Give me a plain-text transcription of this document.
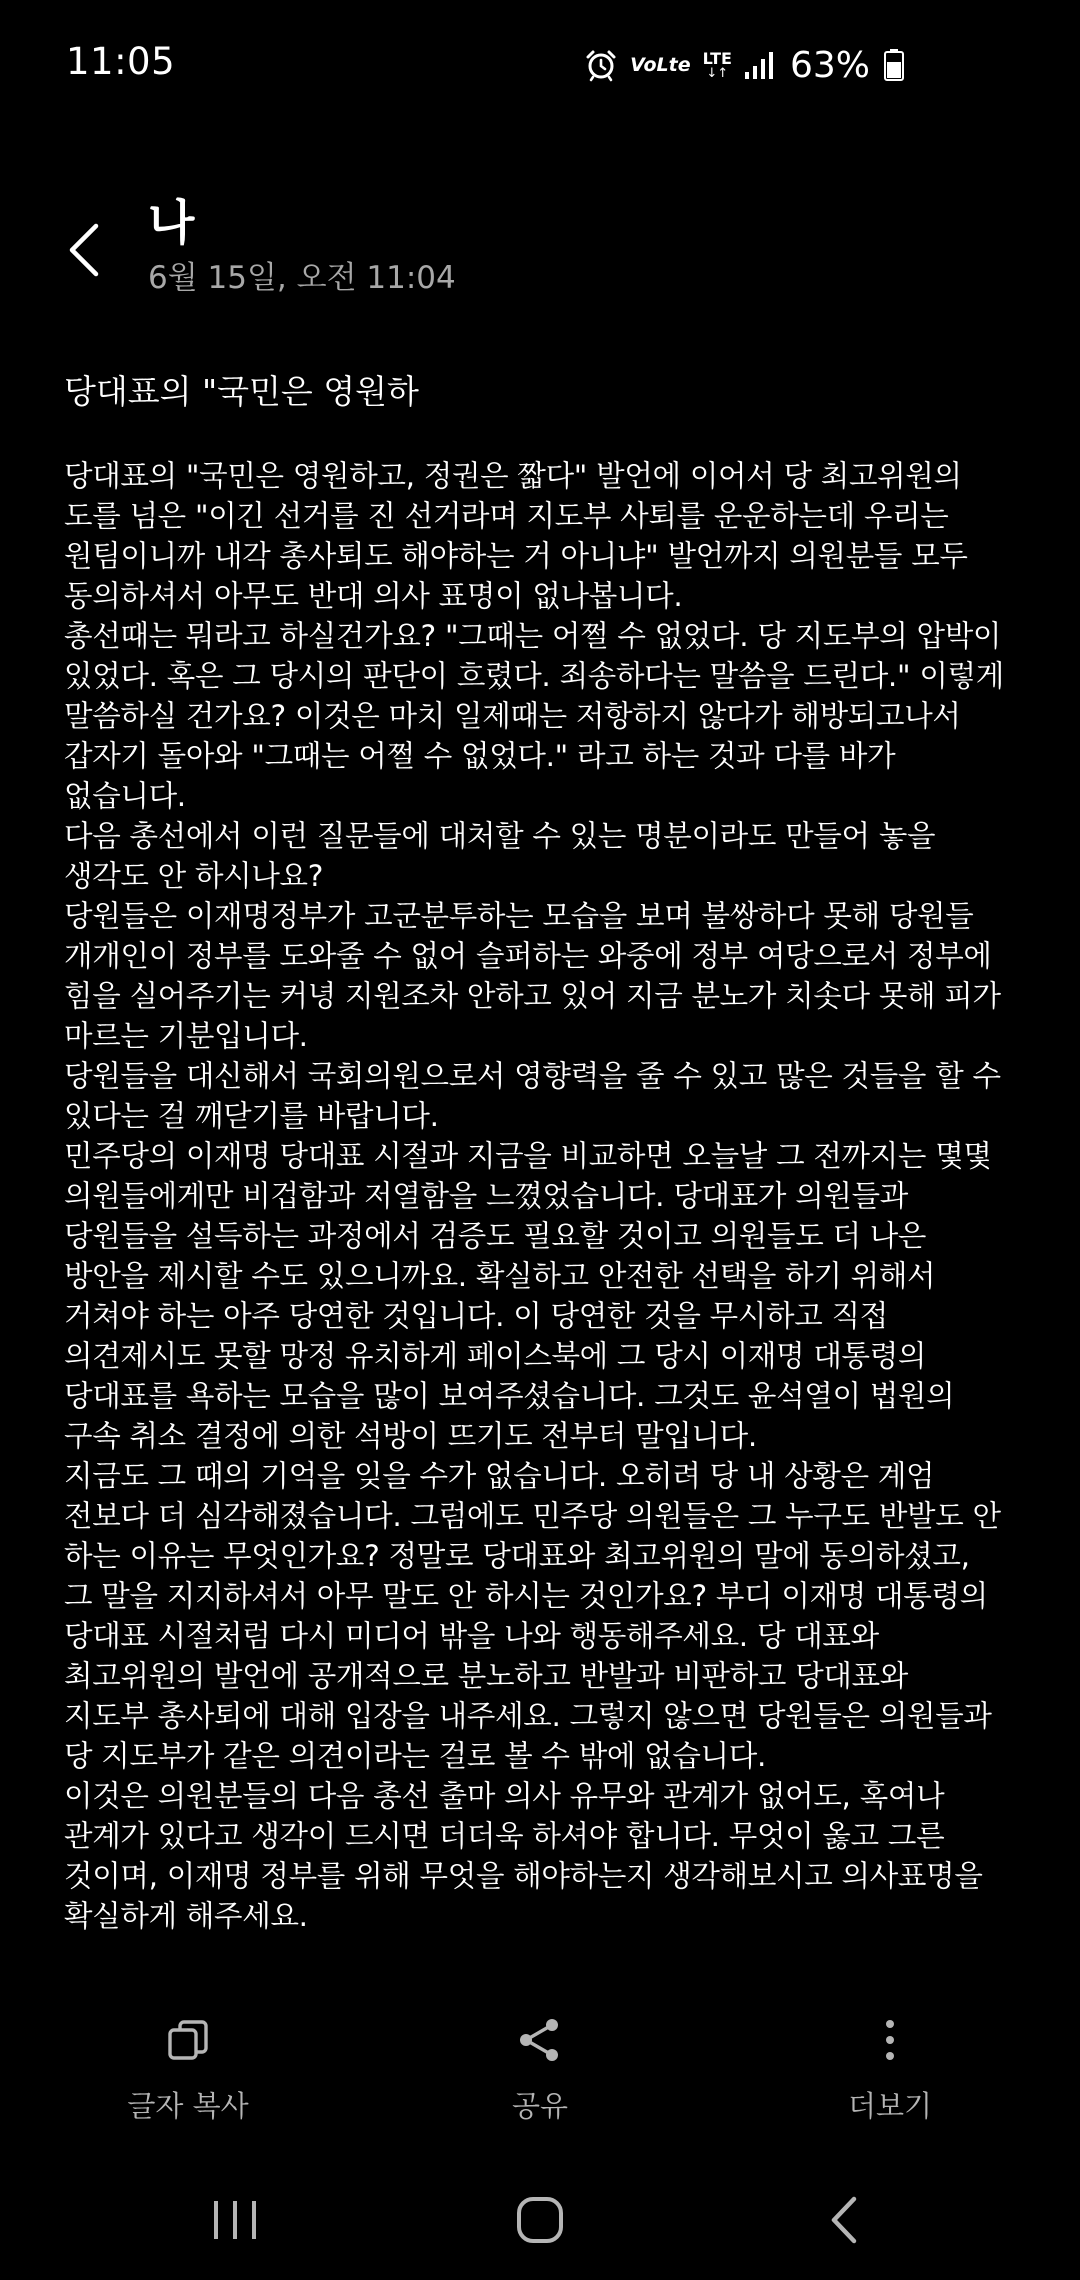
11:05	VoLte LTE
↓↑ 63%
나
6월 15일, 오전 11:04
당대표의 "국민은 영원하
당대표의 "국민은 영원하고, 정권은 짧다" 발언에 이어서 당 최고위원의
도를 넘은 "이긴 선거를 진 선거라며 지도부 사퇴를 운운하는데 우리는
원팀이니까 내각 총사퇴도 해야하는 거 아니냐" 발언까지 의원분들 모두
동의하셔서 아무도 반대 의사 표명이 없나봅니다.
총선때는 뭐라고 하실건가요? "그때는 어쩔 수 없었다. 당 지도부의 압박이
있었다. 혹은 그 당시의 판단이 흐렸다. 죄송하다는 말씀을 드린다." 이렇게
말씀하실 건가요? 이것은 마치 일제때는 저항하지 않다가 해방되고나서
갑자기 돌아와 "그때는 어쩔 수 없었다." 라고 하는 것과 다를 바가
없습니다.
다음 총선에서 이런 질문들에 대처할 수 있는 명분이라도 만들어 놓을
생각도 안 하시나요?
당원들은 이재명정부가 고군분투하는 모습을 보며 불쌍하다 못해 당원들
개개인이 정부를 도와줄 수 없어 슬퍼하는 와중에 정부 여당으로서 정부에
힘을 실어주기는 커녕 지원조차 안하고 있어 지금 분노가 치솟다 못해 피가
마르는 기분입니다.
당원들을 대신해서 국회의원으로서 영향력을 줄 수 있고 많은 것들을 할 수
있다는 걸 깨닫기를 바랍니다.
민주당의 이재명 당대표 시절과 지금을 비교하면 오늘날 그 전까지는 몇몇
의원들에게만 비겁함과 저열함을 느꼈었습니다. 당대표가 의원들과
당원들을 설득하는 과정에서 검증도 필요할 것이고 의원들도 더 나은
방안을 제시할 수도 있으니까요. 확실하고 안전한 선택을 하기 위해서
거쳐야 하는 아주 당연한 것입니다. 이 당연한 것을 무시하고 직접
의견제시도 못할 망정 유치하게 페이스북에 그 당시 이재명 대통령의
당대표를 욕하는 모습을 많이 보여주셨습니다. 그것도 윤석열이 법원의
구속 취소 결정에 의한 석방이 뜨기도 전부터 말입니다.
지금도 그 때의 기억을 잊을 수가 없습니다. 오히려 당 내 상황은 계엄
전보다 더 심각해졌습니다. 그럼에도 민주당 의원들은 그 누구도 반발도 안
하는 이유는 무엇인가요? 정말로 당대표와 최고위원의 말에 동의하셨고,
그 말을 지지하셔서 아무 말도 안 하시는 것인가요? 부디 이재명 대통령의
당대표 시절처럼 다시 미디어 밖을 나와 행동해주세요. 당 대표와
최고위원의 발언에 공개적으로 분노하고 반발과 비판하고 당대표와
지도부 총사퇴에 대해 입장을 내주세요. 그렇지 않으면 당원들은 의원들과
당 지도부가 같은 의견이라는 걸로 볼 수 밖에 없습니다.
이것은 의원분들의 다음 총선 출마 의사 유무와 관계가 없어도, 혹여나
관계가 있다고 생각이 드시면 더더욱 하셔야 합니다. 무엇이 옳고 그른
것이며, 이재명 정부를 위해 무엇을 해야하는지 생각해보시고 의사표명을
확실하게 해주세요.
글자 복사	공유	더보기
